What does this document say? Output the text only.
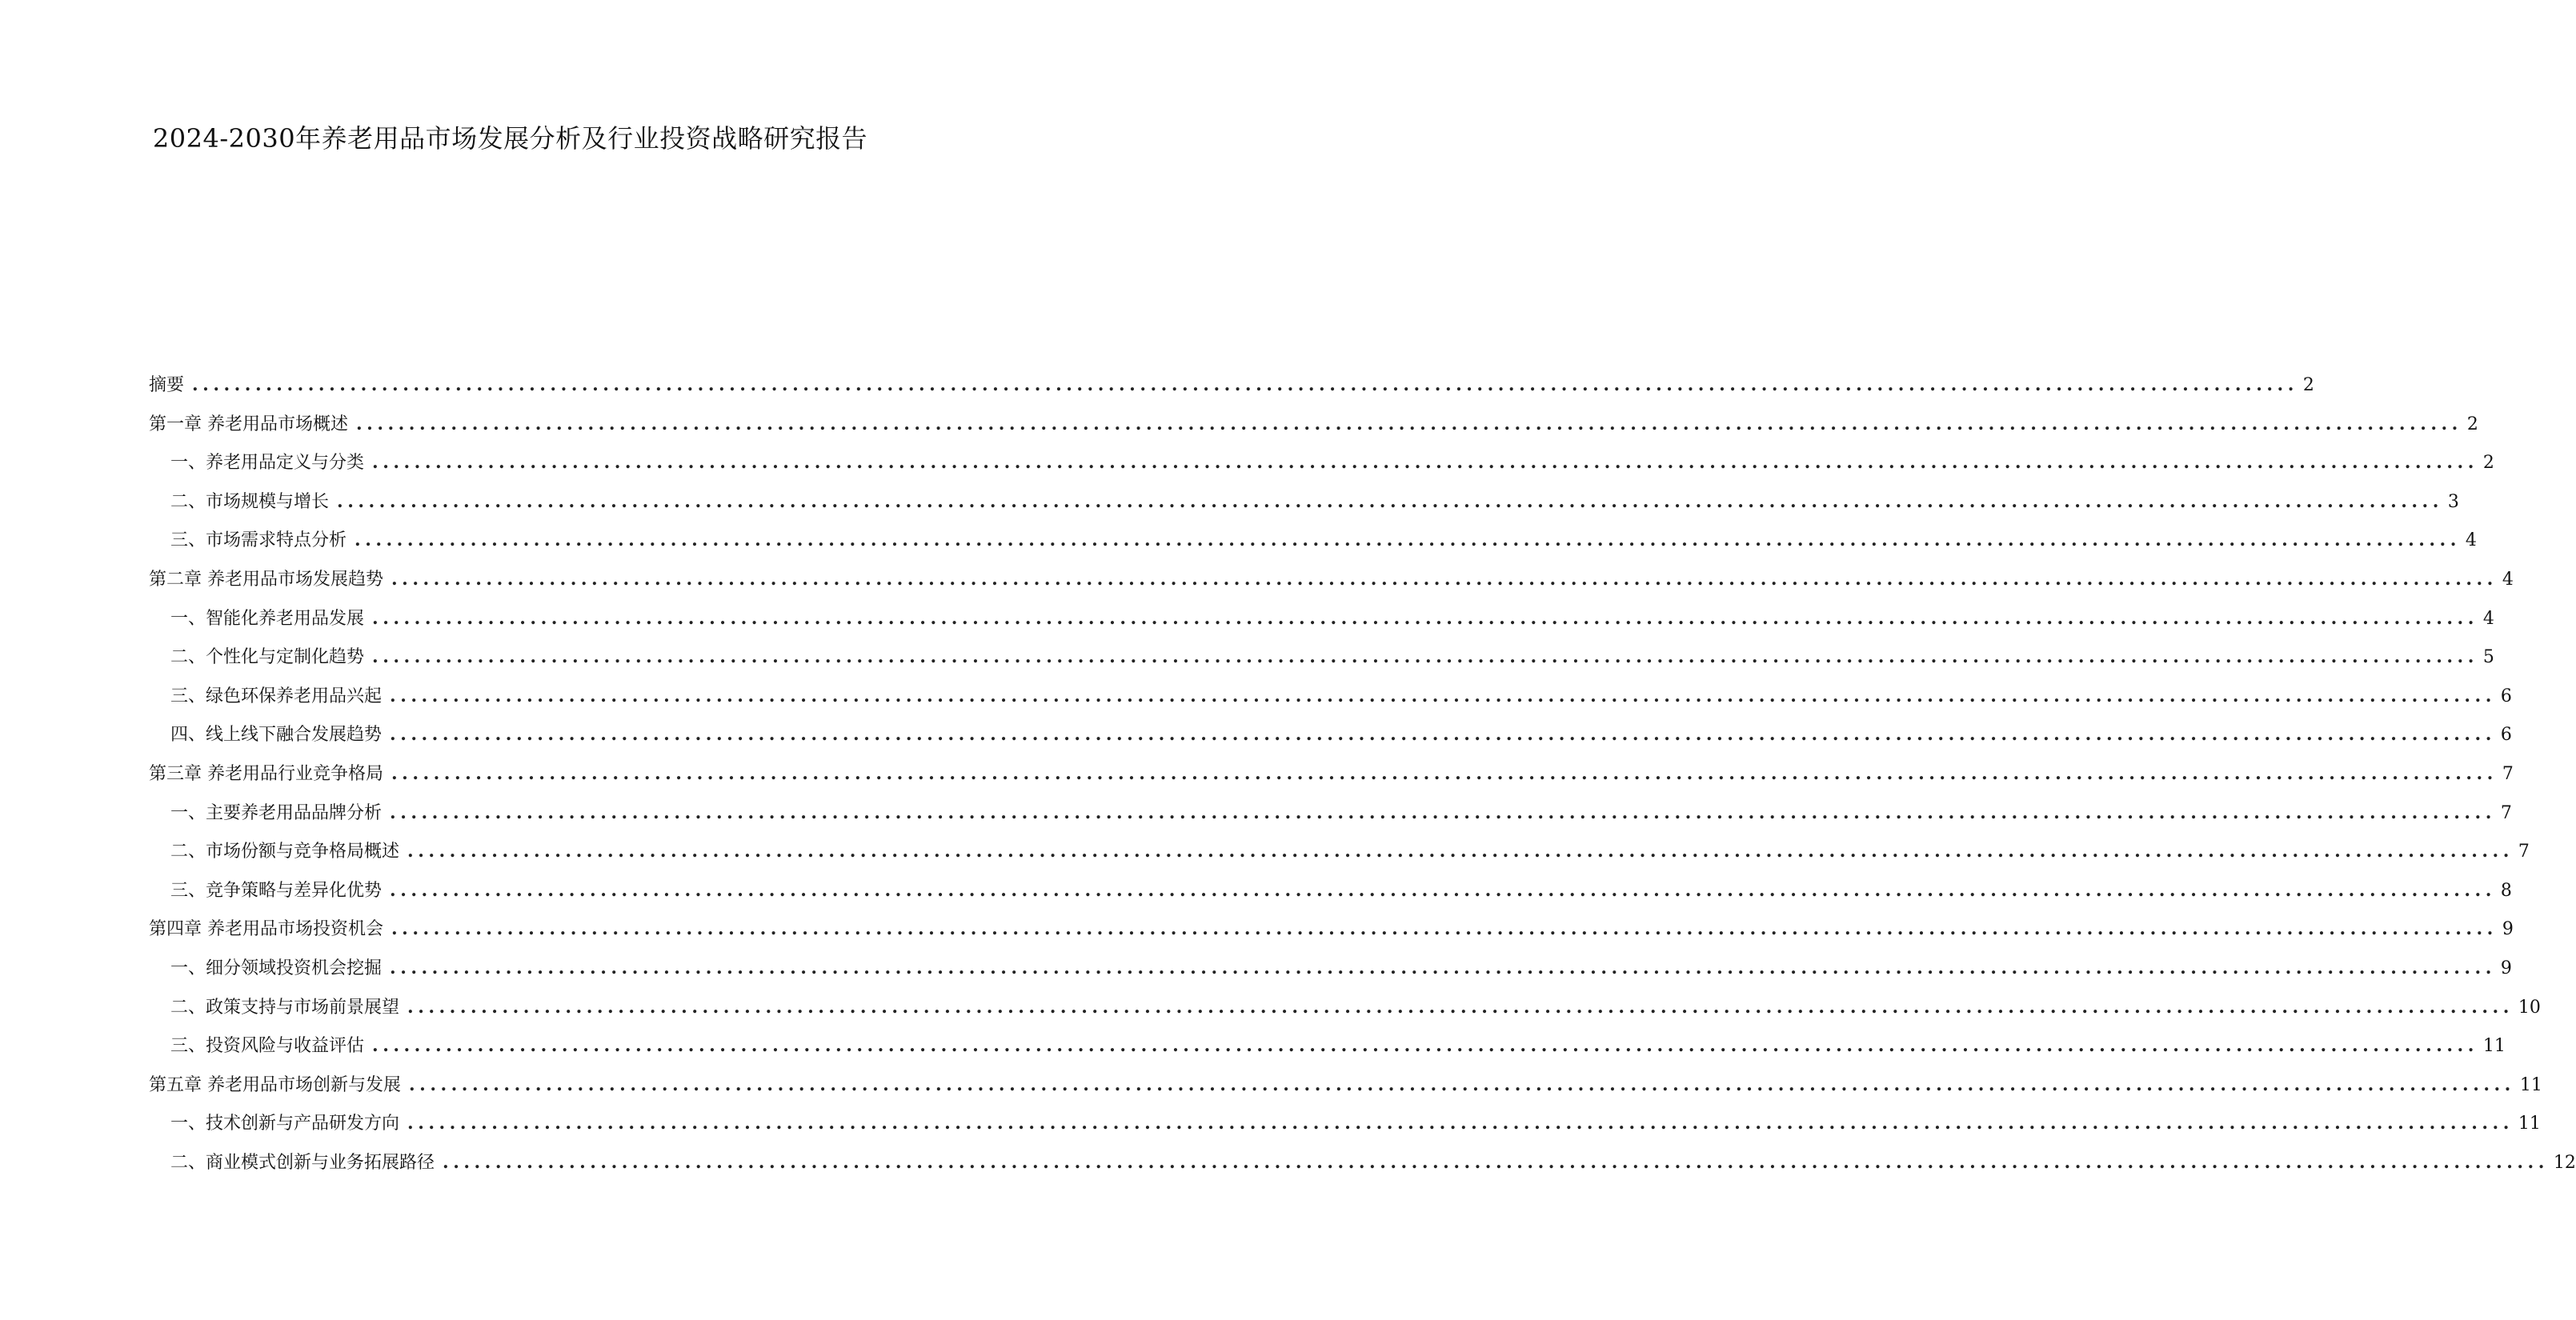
2024-2030年养老用品市场发展分析及行业投资战略研究报告
摘要 ........................................................................................................................................................................................................ 2
第一章 养老用品市场概述 ........................................................................................................................................................................................................ 2
一、 养老用品定义与分类 ........................................................................................................................................................................................................ 2
二、 市场规模与增长 ........................................................................................................................................................................................................ 3
三、 市场需求特点分析 ........................................................................................................................................................................................................ 4
第二章 养老用品市场发展趋势 ........................................................................................................................................................................................................ 4
一、 智能化养老用品发展 ........................................................................................................................................................................................................ 4
二、 个性化与定制化趋势 ........................................................................................................................................................................................................ 5
三、 绿色环保养老用品兴起 ........................................................................................................................................................................................................ 6
四、 线上线下融合发展趋势 ........................................................................................................................................................................................................ 6
第三章 养老用品行业竞争格局 ........................................................................................................................................................................................................ 7
一、 主要养老用品品牌分析 ........................................................................................................................................................................................................ 7
二、 市场份额与竞争格局概述 ........................................................................................................................................................................................................ 7
三、 竞争策略与差异化优势 ........................................................................................................................................................................................................ 8
第四章 养老用品市场投资机会 ........................................................................................................................................................................................................ 9
一、 细分领域投资机会挖掘 ........................................................................................................................................................................................................ 9
二、 政策支持与市场前景展望 ........................................................................................................................................................................................................ 10
三、 投资风险与收益评估 ........................................................................................................................................................................................................ 11
第五章 养老用品市场创新与发展 ........................................................................................................................................................................................................ 11
一、 技术创新与产品研发方向 ........................................................................................................................................................................................................ 11
二、 商业模式创新与业务拓展路径 ........................................................................................................................................................................................................ 12
